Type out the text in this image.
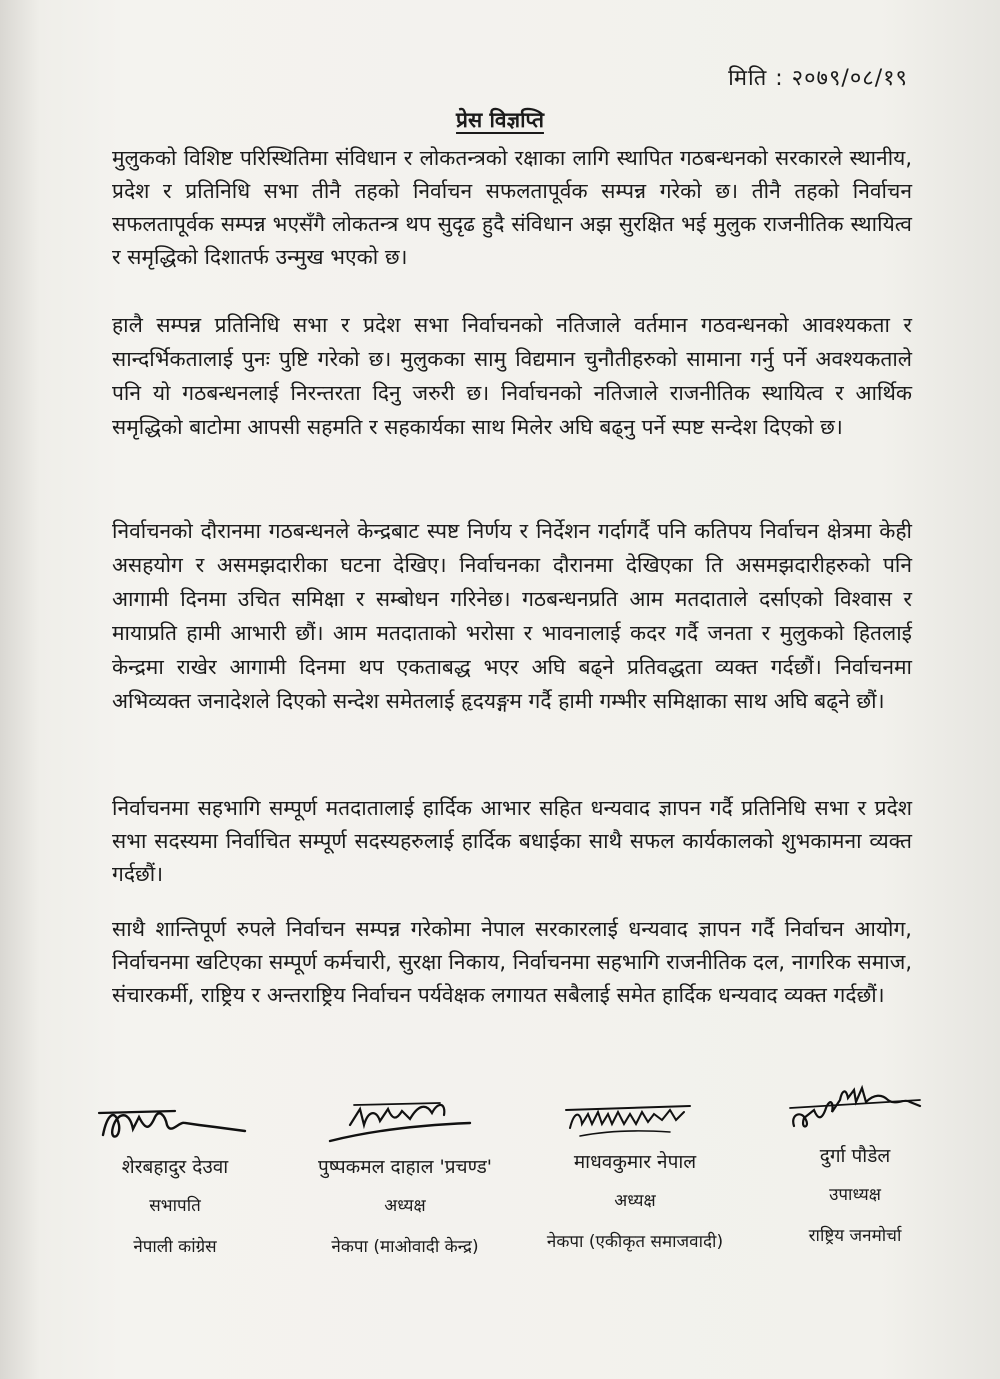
मिति : २०७९/०८/१९
प्रेस विज्ञप्ति
मुलुकको विशिष्ट परिस्थितिमा संविधान र लोकतन्त्रको रक्षाका लागि स्थापित गठबन्धनको सरकारले स्थानीय, प्रदेश र प्रतिनिधि सभा तीनै तहको निर्वाचन सफलतापूर्वक सम्पन्न गरेको छ। तीनै तहको निर्वाचन सफलतापूर्वक सम्पन्न भएसँगै लोकतन्त्र थप सुदृढ हुदै संविधान अझ सुरक्षित भई मुलुक राजनीतिक स्थायित्व र समृद्धिको दिशातर्फ उन्मुख भएको छ।
हालै सम्पन्न प्रतिनिधि सभा र प्रदेश सभा निर्वाचनको नतिजाले वर्तमान गठवन्धनको आवश्यकता र सान्दर्भिकतालाई पुनः पुष्टि गरेको छ। मुलुकका सामु विद्यमान चुनौतीहरुको सामाना गर्नु पर्ने अवश्यकताले पनि यो गठबन्धनलाई निरन्तरता दिनु जरुरी छ। निर्वाचनको नतिजाले राजनीतिक स्थायित्व र आर्थिक समृद्धिको बाटोमा आपसी सहमति र सहकार्यका साथ मिलेर अघि बढ्नु पर्ने स्पष्ट सन्देश दिएको छ।
निर्वाचनको दौरानमा गठबन्धनले केन्द्रबाट स्पष्ट निर्णय र निर्देशन गर्दागर्दै पनि कतिपय निर्वाचन क्षेत्रमा केही असहयोग र असमझदारीका घटना देखिए। निर्वाचनका दौरानमा देखिएका ति असमझदारीहरुको पनि आगामी दिनमा उचित समिक्षा र सम्बोधन गरिनेछ। गठबन्धनप्रति आम मतदाताले दर्साएको विश्वास र मायाप्रति हामी आभारी छौं। आम मतदाताको भरोसा र भावनालाई कदर गर्दै जनता र मुलुकको हितलाई केन्द्रमा राखेर आगामी दिनमा थप एकताबद्ध भएर अघि बढ्ने प्रतिवद्धता व्यक्त गर्दछौं। निर्वाचनमा अभिव्यक्त जनादेशले दिएको सन्देश समेतलाई हृदयङ्गम गर्दै हामी गम्भीर समिक्षाका साथ अघि बढ्ने छौं।
निर्वाचनमा सहभागि सम्पूर्ण मतदातालाई हार्दिक आभार सहित धन्यवाद ज्ञापन गर्दै प्रतिनिधि सभा र प्रदेश सभा सदस्यमा निर्वाचित सम्पूर्ण सदस्यहरुलाई हार्दिक बधाईका साथै सफल कार्यकालको शुभकामना व्यक्त गर्दछौं।
साथै शान्तिपूर्ण रुपले निर्वाचन सम्पन्न गरेकोमा नेपाल सरकारलाई धन्यवाद ज्ञापन गर्दै निर्वाचन आयोग, निर्वाचनमा खटिएका सम्पूर्ण कर्मचारी, सुरक्षा निकाय, निर्वाचनमा सहभागि राजनीतिक दल, नागरिक समाज, संचारकर्मी, राष्ट्रिय र अन्तराष्ट्रिय निर्वाचन पर्यवेक्षक लगायत सबैलाई समेत हार्दिक धन्यवाद व्यक्त गर्दछौं।
शेरबहादुर देउवा
सभापति
नेपाली कांग्रेस
पुष्पकमल दाहाल 'प्रचण्ड'
अध्यक्ष
नेकपा (माओवादी केन्द्र)
माधवकुमार नेपाल
अध्यक्ष
नेकपा (एकीकृत समाजवादी)
दुर्गा पौडेल
उपाध्यक्ष
राष्ट्रिय जनमोर्चा
